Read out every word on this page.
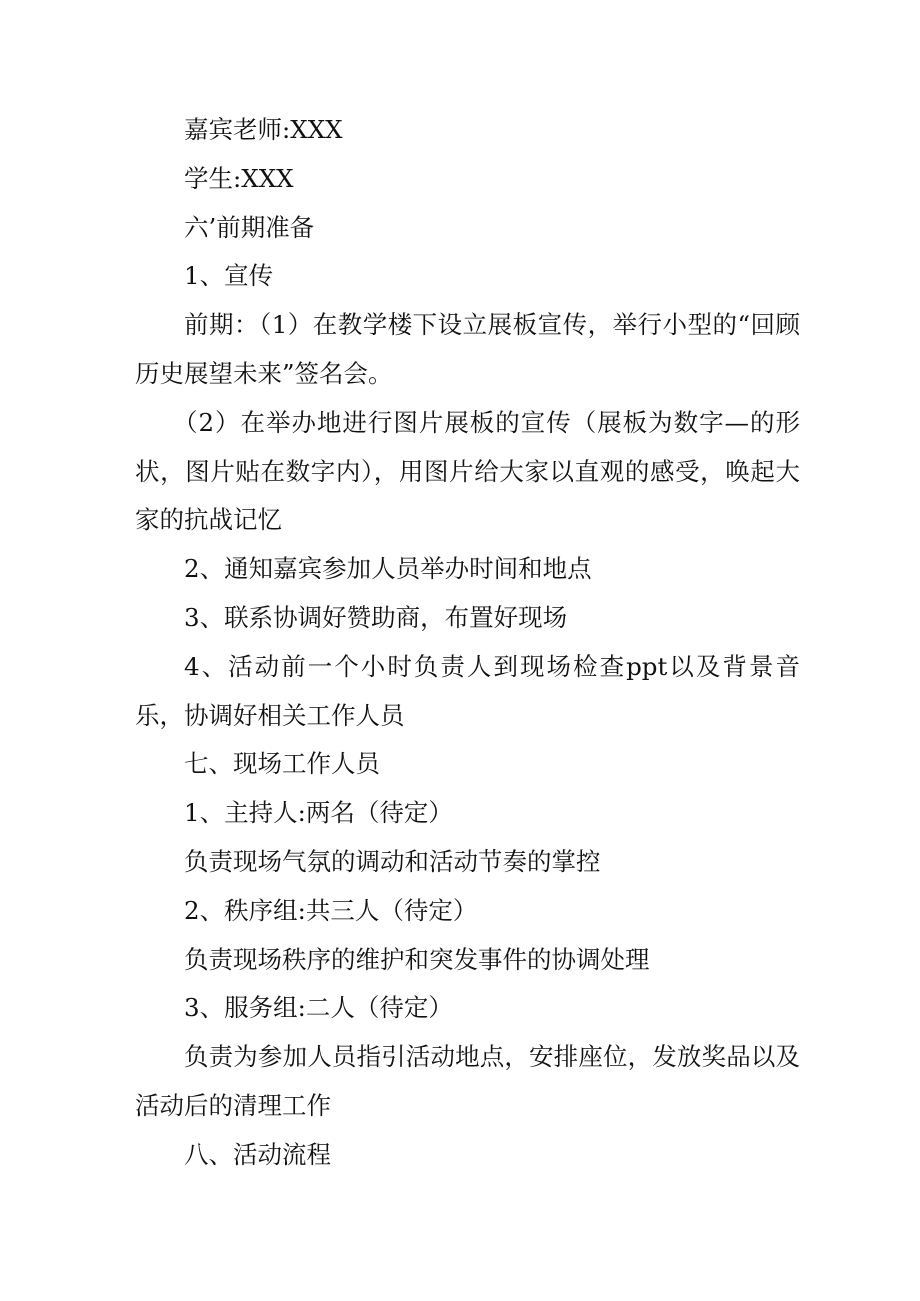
嘉宾老师:XXX

学生:XXX

六’前期准备

1、宣传

前期：（1）在教学楼下设立展板宣传，举行小型的“回顾历史展望未来”签名会。

（2）在举办地进行图片展板的宣传（展板为数字—的形状，图片贴在数字内），用图片给大家以直观的感受，唤起大家的抗战记忆

2、通知嘉宾参加人员举办时间和地点

3、联系协调好赞助商，布置好现场

4、活动前一个小时负责人到现场检查ppt以及背景音乐，协调好相关工作人员

七、现场工作人员

1、主持人:两名（待定）

负责现场气氛的调动和活动节奏的掌控

2、秩序组:共三人（待定）

负责现场秩序的维护和突发事件的协调处理

3、服务组:二人（待定）

负责为参加人员指引活动地点，安排座位，发放奖品以及活动后的清理工作

八、活动流程
